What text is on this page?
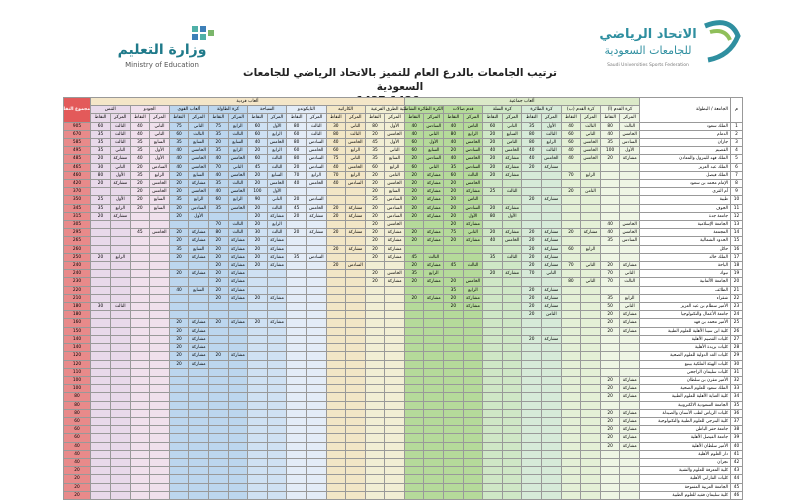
وزارة التعليم
Ministry of Education
الاتحاد الرياضي
للجامعات السعودية
Saudi Universities Sports Federation
ترتيب الجامعات بالدرع العام للتميز بالاتحاد الرياضي للجامعات السعودية
م	الجامعة / البطولة	ألعاب جماعية												ألعاب فردية																مجموع النقاط
		كرة القدم (أ)		كرة القدم (ب)		كرة الطائرة		كرة السلة		قدم صالات		الكرة الطائرة الشاطئية		الطرق الفرعية		الكاراتيه		التايكوندو		السباحة		كرة الطاولة		ألعاب القوى		الجودو		التنس		
		المركز	النقاط	المركز	النقاط	المركز	النقاط	المركز	النقاط	المركز	النقاط	المركز	النقاط	المركز	النقاط	المركز	النقاط	المركز	النقاط	المركز	النقاط	المركز	النقاط	المركز	النقاط	المركز	النقاط	المركز	النقاط	
1	الملك سعود	الثالث	80	الثالث	40	الأول	35	الثاني	60	الثامن	40	السادس	40	الأول	80	الثاني	30	الثالث	80	الأول	60	الرابع	75	الثاني	75	الثاني	40	الثالث	60	905
2	الدمام	الخامس	40	الثاني	60	الثالث	80	السابع	20	الرابع	80	الثاني	40	الخامس	20	الثالث	80	الثالث	60	الرابع	60	الثالث	35	الثالث	60	الثاني	40	الثالث	35	670
3	جازان	السادس	35	الخامس	60	الرابع	80	الثامن	20	الخامس	40	الأول	60	الأول	45	الخامس	40	السادس	80	الخامس	40	السابع	20	السابع	35	السابع	35	الثالث	35	585
4	القصيم	الأول	100	الخامس	40	الثالث	40	الخامس	40	السادس	20	السابع	60	الثاني	35	الرابع	60	الخامس	60	الرابع	20	الرابع	35	الخامس	40	الأول	35	الثاني	35	495
5	الملك فهد للبترول والمعادن	مشاركة	20	الخامس	40	الخامس	40	مشاركة	20	الخامس	40	السادس	20	السابع	35	الثاني	75	السادس	80	الثالث	60	الخامس	40	الخامس	40	الأول	40	مشاركة	20	485
6	الملك عبد العزيز					مشاركة	20	مشاركة	20	السادس	35	الثاني	60	الرابع	60	الخامس	40	السادس	20	الثالث	45	الثاني	70	الخامس	40	السادس	20	الثاني	30	465
7	الملك فيصل			الرابع	70			مشاركة	20	الثالث	60	مشاركة	20	الثامن	20	الرابع	70	الرابع	70	السابع	20	الخامس	40	السابع	20	الرابع	35	الأول	80	460
8	الإمام محمد بن سعود									الخامس	20	مشاركة	20	الخامس	20	السادس	40	الخامس	40	الخامس	20	الثالث	35	مشاركة	20	الخامس	20	مشاركة	20	420
9	أم القرى			الثامن	20			الثالث	25	مشاركة	20	مشاركة	20	السابع	20					الأول	100	الخامس	40	الخامس	20	الخامس	20			370
10	طيبة					مشاركة	20			الثامن	20	مشاركة	20	السادس	25			السادس	20	الثاني	90	الرابع	60	الرابع	35	السابع	20	الأول	25	350
11	الجوف							مشاركة	20	السادس	20	مشاركة	20	السادس	20	مشاركة	20	الخامس	45	الثالث	20	الخامس	35	السادس	20	السابع	20	الرابع	35	345
12	جامعة جدة							الأول	80	الأول	20	مشاركة	20	السادس	20	مشاركة	20	مشاركة	20	مشاركة	20			الأول	20			مشاركة	20	315
13	الجامعة الإسلامية	الخامس	40							مشاركة	20			الخامس	20					الرابع	20	الثالث	70							305
14	المجمعة	الخامس	40	مشاركة	20	مشاركة	20	مشاركة	20	الثاني	75	مشاركة	20	مشاركة	20	مشاركة	20	مشاركة	20	الثالث	30	الثالث	80	مشاركة	20	الخامس	45			295
15	الحدود الشمالية	السادس	35			مشاركة	20	الخامس	40	مشاركة	20	مشاركة	20	مشاركة	20					مشاركة	20	مشاركة	20	مشاركة	20					265
16	حائل			الرابع	60	مشاركة	20							مشاركة	20	مشاركة	20			مشاركة	20	مشاركة	20	السابع	35					260
17	الملك خالد					مشاركة	20	الثالث	35			الثالث	45	مشاركة	20			السادس	35	مشاركة	20	مشاركة	20	مشاركة	20			الرابع	20	250
18	الباحة	مشاركة	20	الثاني	70	مشاركة	20			الثالث	45	مشاركة	20			السادس	20			مشاركة	20	مشاركة	20							240
19	تبوك	الثاني	70			الثاني	70	مشاركة	20			الرابع	35	الخامس	20							مشاركة	20	مشاركة	20					240
20	الجامعة الألمانية	الثالث	70	الثاني	80					الخامس	20	مشاركة	20	مشاركة	20							مشاركة	20							230
21	الطائف					مشاركة	20			الرابع	35											مشاركة	20	السابع	40					220
22	شقراء	الرابع	35			مشاركة	20			مشاركة	20	مشاركة	20							مشاركة	20	مشاركة	20							210
23	الأمير سطام بن عبد العزيز	الثاني	50			مشاركة	20			مشاركة	20																	الثالث	30	180
24	جامعة الأعمال والتكنولوجيا	مشاركة	20			الثامن	20																							180
25	الأمير محمد بن فهد	مشاركة	20																	مشاركة	20	مشاركة	20	مشاركة	20					160
26	كلية ابن سينا الأهلية للعلوم الطبية	مشاركة	20																					مشاركة	20					150
27	كليات القصيم الأهلية					مشاركة	20																	مشاركة	20					140
28	كليات بريدة الأهلية																							مشاركة	20					140
29	كليات الغد الدولية للعلوم الصحية																					مشاركة	20	مشاركة	20					120
30	كليات الهيئة الملكية بينبع																							مشاركة	20					120
31	كليات سليمان الراجحي																													110
32	الأمير مقرن بن سلطان	مشاركة	20																											100
33	الملك سعود للعلوم الصحية	مشاركة	20																											100
34	كلية العناية الأهلية للعلوم الطبية	مشاركة	20																											80
35	الجامعة السعودية الالكترونية																													80
36	كليات الرياض لطب الأسنان والصيدلة	مشاركة	20																											80
37	كلية البترجي للعلوم الطبية والتكنولوجية	مشاركة	20																											60
38	جامعة حفر الباطن	مشاركة	20																											60
39	جامعة الفيصل الأهلية	مشاركة	20																											60
40	الأمير سلطان الأهلية	مشاركة	20																											40
41	دار العلوم الأهلية																													40
42	نجران																													40
43	كلية المعرفة للعلوم والتقنية																													20
44	كليات الفارابي الأهلية																													20
45	الجامعة العربية المفتوحة																													20
46	كلية سليمان فقيه للعلوم الطبية																													20
